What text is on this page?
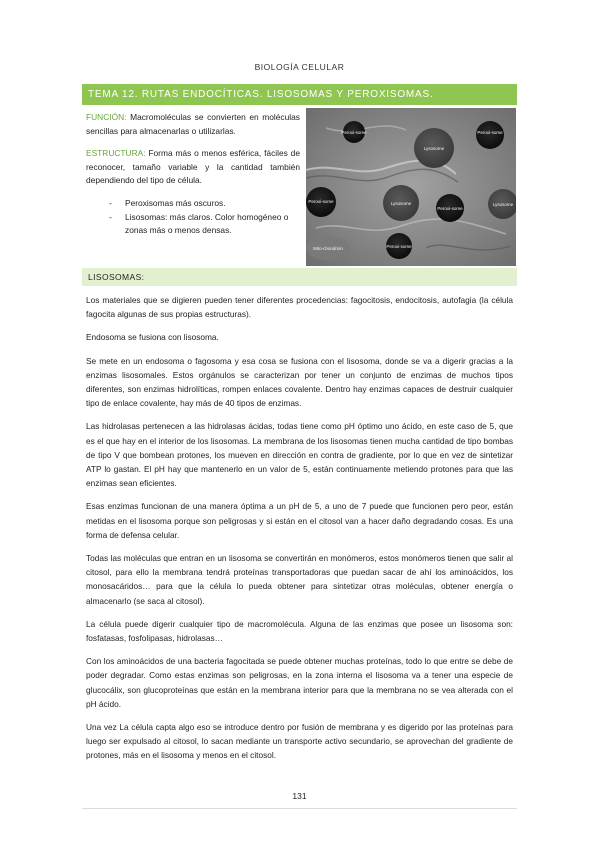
BIOLOGÍA CELULAR
TEMA 12. RUTAS ENDOCÍTICAS. LISOSOMAS Y PEROXISOMAS.

FUNCIÓN: Macromoléculas se convierten en moléculas sencillas para almacenarlas o utilizarlas.

ESTRUCTURA: Forma más o menos esférica, fáciles de reconocer, tamaño variable y la cantidad también dependiendo del tipo de célula.

- Peroxisomas más oscuros.
- Lisosomas: más claros. Color homogéneo o zonas más o menos densas.
Peroxi-some
Lysosome
Peroxi-some
Peroxi-some	Lysosome
Peroxi-some
Lysosome
Peroxi-some
Mito-chondrion
LISOSOMAS:

Los materiales que se digieren pueden tener diferentes procedencias: fagocitosis, endocitosis, autofagia (la célula fagocita algunas de sus propias estructuras).

Endosoma se fusiona con lisosoma.

Se mete en un endosoma o fagosoma y esa cosa se fusiona con el lisosoma, donde se va a digerir gracias a la enzimas lisosomales. Estos orgánulos se caracterizan por tener un conjunto de enzimas de muchos tipos diferentes, son enzimas hidrolíticas, rompen enlaces covalente. Dentro hay enzimas capaces de destruir cualquier tipo de enlace covalente, hay más de 40 tipos de enzimas.

Las hidrolasas pertenecen a las hidrolasas ácidas, todas tiene como pH óptimo uno ácido, en este caso de 5, que es el que hay en el interior de los lisosomas. La membrana de los lisosomas tienen mucha cantidad de tipo bombas de tipo V que bombean protones, los mueven en dirección en contra de gradiente, por lo que en vez de sintetizar ATP lo gastan. El pH hay que mantenerlo en un valor de 5, están continuamente metiendo protones para que las enzimas sean eficientes.

Esas enzimas funcionan de una manera óptima a un pH de 5, a uno de 7 puede que funcionen pero peor, están metidas en el lisosoma porque son peligrosas y si están en el citosol van a hacer daño degradando cosas. Es una forma de defensa celular.

Todas las moléculas que entran en un lisosoma se convertirán en monómeros, estos monómeros tienen que salir al citosol, para ello la membrana tendrá proteínas transportadoras que puedan sacar de ahí los aminoácidos, los monosacáridos… para que la célula lo pueda obtener para sintetizar otras moléculas, obtener energía o almacenarlo (se saca al citosol).

La célula puede digerir cualquier tipo de macromolécula. Alguna de las enzimas que posee un lisosoma son: fosfatasas, fosfolipasas, hidrolasas…

Con los aminoácidos de una bacteria fagocitada se puede obtener muchas proteínas, todo lo que entre se debe de poder degradar. Como estas enzimas son peligrosas, en la zona interna el lisosoma va a tener una especie de glucocálix, son glucoproteínas que están en la membrana interior para que la membrana no se vea alterada con el pH ácido.

Una vez La célula capta algo eso se introduce dentro por fusión de membrana y es digerido por las proteínas para luego ser expulsado al citosol, lo sacan mediante un transporte activo secundario, se aprovechan del gradiente de protones, más en el lisosoma y menos en el citosol.

131
